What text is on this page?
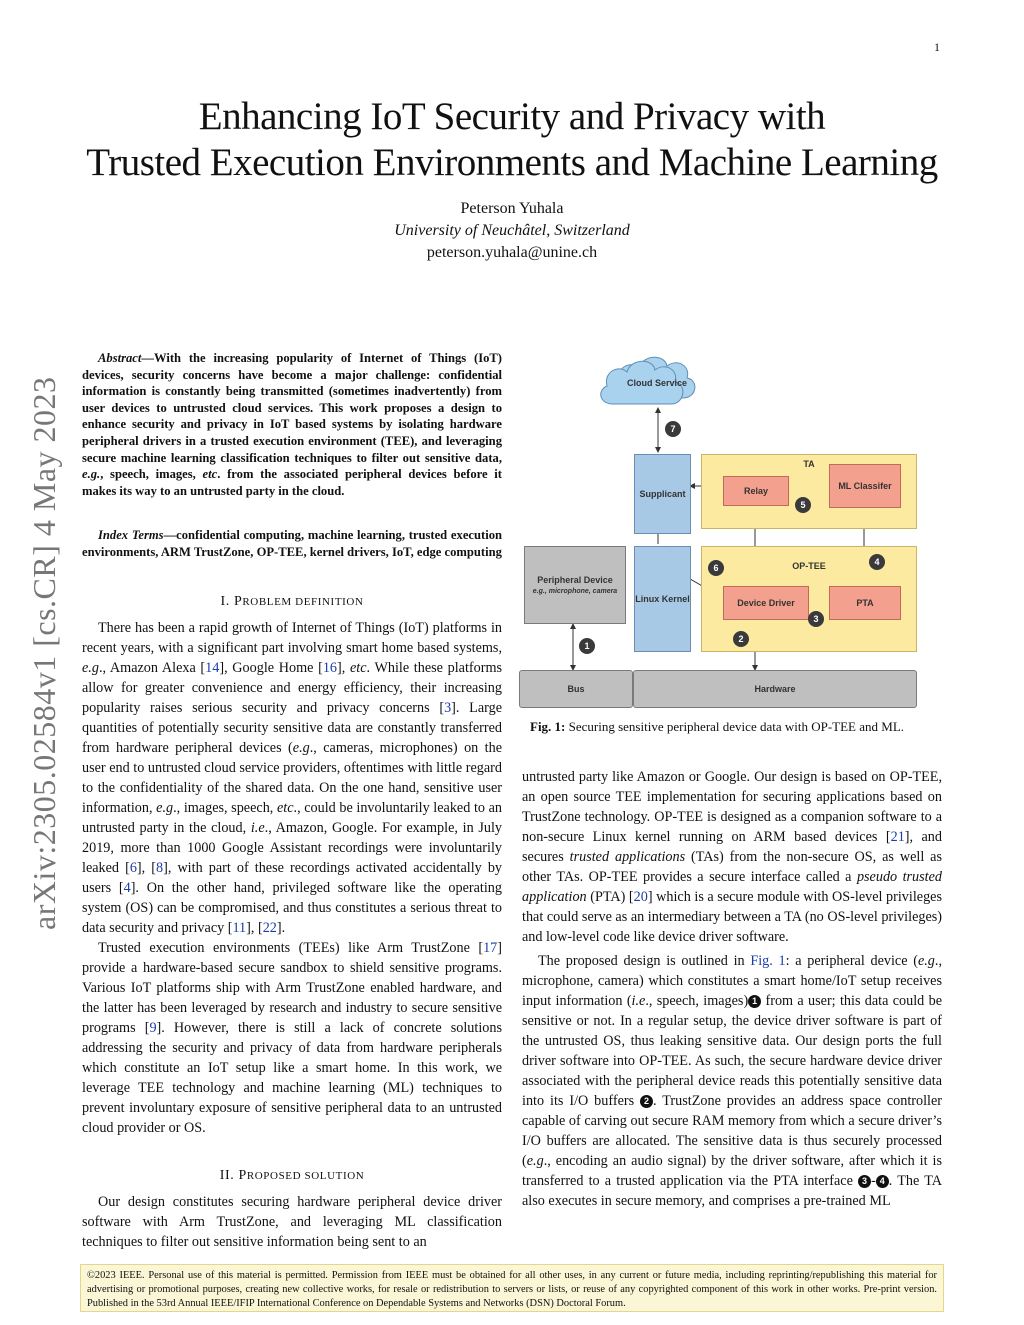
1
Enhancing IoT Security and Privacy with
Trusted Execution Environments and Machine Learning
Peterson Yuhala
University of Neuchâtel, Switzerland
peterson.yuhala@unine.ch
arXiv:2305.02584v1 [cs.CR] 4 May 2023

Abstract—With the increasing popularity of Internet of Things (IoT) devices, security concerns have become a major challenge: confidential information is constantly being transmitted (sometimes inadvertently) from user devices to untrusted cloud services. This work proposes a design to enhance security and privacy in IoT based systems by isolating hardware peripheral drivers in a trusted execution environment (TEE), and leveraging secure machine learning classification techniques to filter out sensitive data, e.g., speech, images, etc. from the associated peripheral devices before it makes its way to an untrusted party in the cloud.

Index Terms—confidential computing, machine learning, trusted execution environments, ARM TrustZone, OP-TEE, kernel drivers, IoT, edge computing

I. PROBLEM DEFINITION

There has been a rapid growth of Internet of Things (IoT) platforms in recent years, with a significant part involving smart home based systems, e.g., Amazon Alexa [14], Google Home [16], etc. While these platforms allow for greater convenience and energy efficiency, their increasing popularity raises serious security and privacy concerns [3]. Large quantities of potentially security sensitive data are constantly transferred from hardware peripheral devices (e.g., cameras, microphones) on the user end to untrusted cloud service providers, oftentimes with little regard to the confidentiality of the shared data. On the one hand, sensitive user information, e.g., images, speech, etc., could be involuntarily leaked to an untrusted party in the cloud, i.e., Amazon, Google. For example, in July 2019, more than 1000 Google Assistant recordings were involuntarily leaked [6], [8], with part of these recordings activated accidentally by users [4]. On the other hand, privileged software like the operating system (OS) can be compromised, and thus constitutes a serious threat to data security and privacy [11], [22].

Trusted execution environments (TEEs) like Arm TrustZone [17] provide a hardware-based secure sandbox to shield sensitive programs. Various IoT platforms ship with Arm TrustZone enabled hardware, and the latter has been leveraged by research and industry to secure sensitive programs [9]. However, there is still a lack of concrete solutions addressing the security and privacy of data from hardware peripherals which constitute an IoT setup like a smart home. In this work, we leverage TEE technology and machine learning (ML) techniques to prevent involuntary exposure of sensitive peripheral data to an untrusted cloud provider or OS.

II. PROPOSED SOLUTION

Our design constitutes securing hardware peripheral device driver software with Arm TrustZone, and leveraging ML classification techniques to filter out sensitive information being sent to an

Cloud Service
Supplicant
TA
Relay	ML Classifer
OP-TEE
Device Driver	PTA
Linux Kernel
Peripheral Device
e.g., microphone, camera
Bus	Hardware
1
2
3
4
5
6
7
Fig. 1: Securing sensitive peripheral device data with OP-TEE and ML.

untrusted party like Amazon or Google. Our design is based on OP-TEE, an open source TEE implementation for securing applications based on TrustZone technology. OP-TEE is designed as a companion software to a non-secure Linux kernel running on ARM based devices [21], and secures trusted applications (TAs) from the non-secure OS, as well as other TAs. OP-TEE provides a secure interface called a pseudo trusted application (PTA) [20] which is a secure module with OS-level privileges that could serve as an intermediary between a TA (no OS-level privileges) and low-level code like device driver software.

The proposed design is outlined in Fig. 1: a peripheral device (e.g., microphone, camera) which constitutes a smart home/IoT setup receives input information (i.e., speech, images) 1 from a user; this data could be sensitive or not. In a regular setup, the device driver software is part of the untrusted OS, thus leaking sensitive data. Our design ports the full driver software into OP-TEE. As such, the secure hardware device driver associated with the peripheral device reads this potentially sensitive data into its I/O buffers 2 . TrustZone provides an address space controller capable of carving out secure RAM memory from which a secure driver’s I/O buffers are allocated. The sensitive data is thus securely processed (e.g., encoding an audio signal) by the driver software, after which it is transferred to a trusted application via the PTA interface 3 - 4 . The TA also executes in secure memory, and comprises a pre-trained ML

©2023 IEEE. Personal use of this material is permitted. Permission from IEEE must be obtained for all other uses, in any current or future media, including reprinting/republishing this material for advertising or promotional purposes, creating new collective works, for resale or redistribution to servers or lists, or reuse of any copyrighted component of this work in other works. Pre-print version. Published in the 53rd Annual IEEE/IFIP International Conference on Dependable Systems and Networks (DSN) Doctoral Forum.
